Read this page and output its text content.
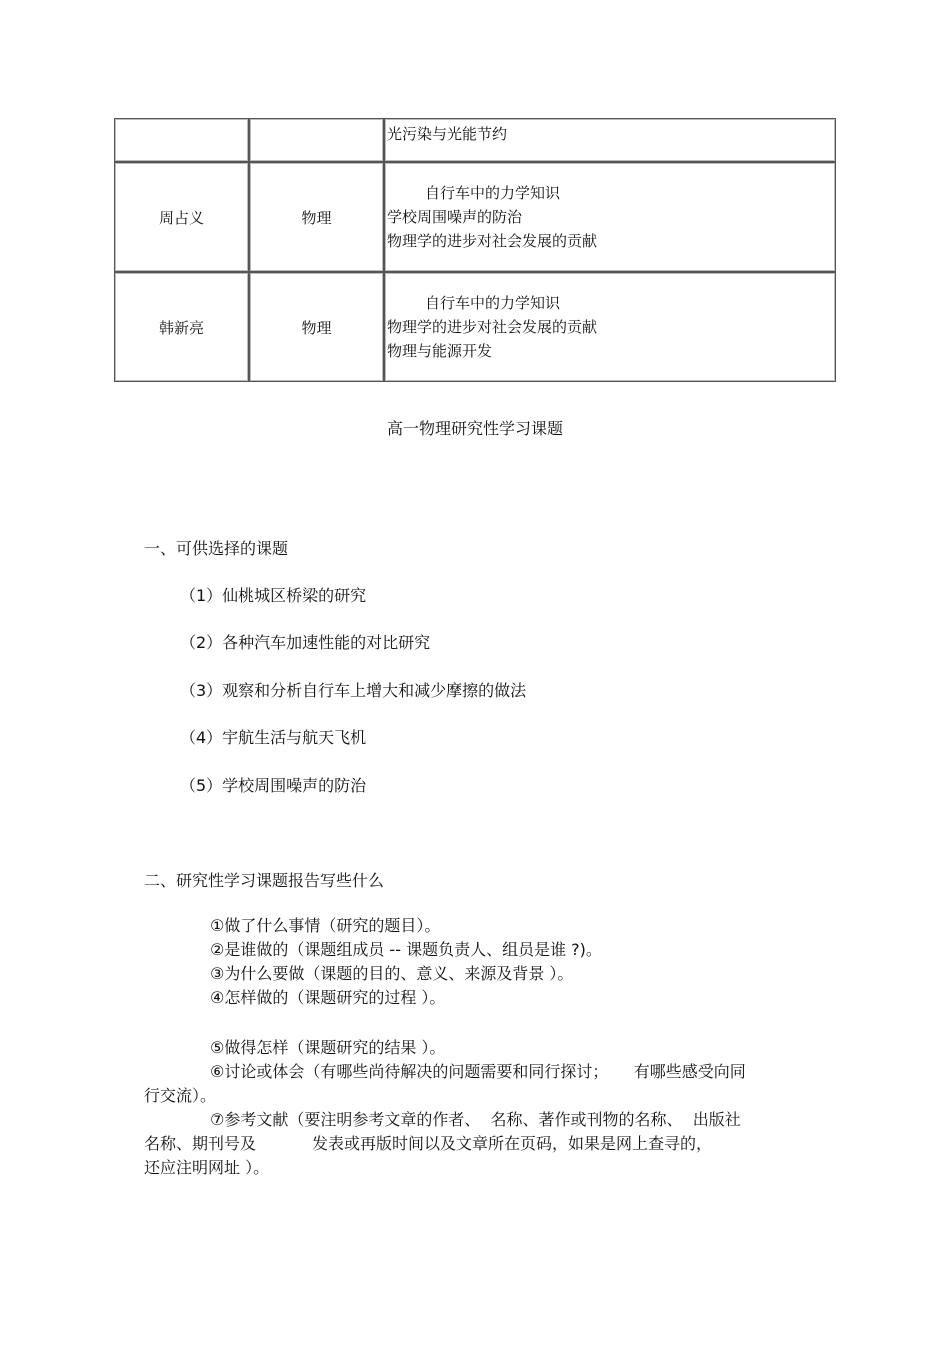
		光污染与光能节约

周占义	物理	自行车中的力学知识
学校周围噪声的防治
物理学的进步对社会发展的贡献

韩新亮	物理	自行车中的力学知识
物理学的进步对社会发展的贡献
物理与能源开发
高一物理研究性学习课题
一、可供选择的课题
（1）仙桃城区桥梁的研究
（2）各种汽车加速性能的对比研究
（3）观察和分析自行车上增大和减少摩擦的做法
（4）宇航生活与航天飞机
（5）学校周围噪声的防治
二、研究性学习课题报告写些什么
①做了什么事情（研究的题目）。
②是谁做的（课题组成员 -- 课题负责人、组员是谁 ?)。
③为什么要做（课题的目的、意义、来源及背景 ）。
④怎样做的（课题研究的过程 ）。
⑤做得怎样（课题研究的结果 ）。
⑥讨论或体会（有哪些尚待解决的问题需要和同行探讨；     有哪些感受向同
行交流）。
⑦参考文献（要注明参考文章的作者、  名称、著作或刊物的名称、  出版社
名称、期刊号及           发表或再版时间以及文章所在页码，如果是网上查寻的，
还应注明网址 ）。
